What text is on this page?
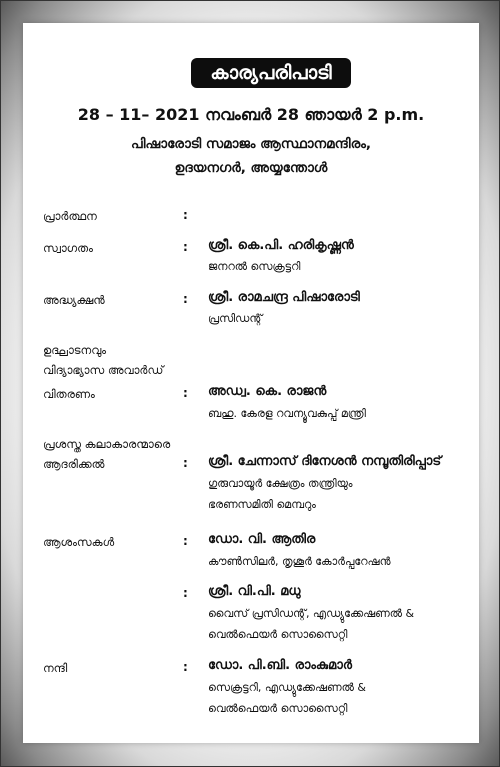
കാര്യപരിപാടി
28 – 11– 2021 നവംബർ 28 ഞായർ 2 p.m.
പിഷാരോടി സമാജം ആസ്ഥാനമന്ദിരം,
ഉദയനഗർ, അയ്യന്തോൾ
പ്രാർത്ഥന	:
സ്വാഗതം	: ശ്രീ. കെ.പി. ഹരികൃഷ്ണൻ
ജനറൽ സെക്രട്ടറി
അദ്ധ്യക്ഷൻ	: ശ്രീ. രാമചന്ദ്ര പിഷാരോടി
പ്രസിഡന്റ്
ഉദ്ഘാടനവും
വിദ്യാഭ്യാസ അവാർഡ്
വിതരണം	: അഡ്വ. കെ. രാജൻ
ബഹു. കേരള റവന്യൂവകുപ്പ് മന്ത്രി
പ്രശസ്ത കലാകാരന്മാരെ
ആദരിക്കൽ	: ശ്രീ. ചേന്നാസ് ദിനേശൻ നമ്പൂതിരിപ്പാട്
ഗുരുവായൂർ ക്ഷേത്രം തന്ത്രിയും
ഭരണസമിതി മെമ്പറും
ആശംസകൾ	: ഡോ. വി. ആതിര
കൗൺസിലർ, തൃശൂർ കോർപ്പറേഷൻ
: ശ്രീ. വി.പി. മധു
വൈസ് പ്രസിഡന്റ്, എഡ്യുക്കേഷണൽ &
വെൽഫെയർ സൊസൈറ്റി
നന്ദി	: ഡോ. പി.ബി. രാംകുമാർ
സെക്രട്ടറി, എഡ്യുക്കേഷണൽ &
വെൽഫെയർ സൊസൈറ്റി
